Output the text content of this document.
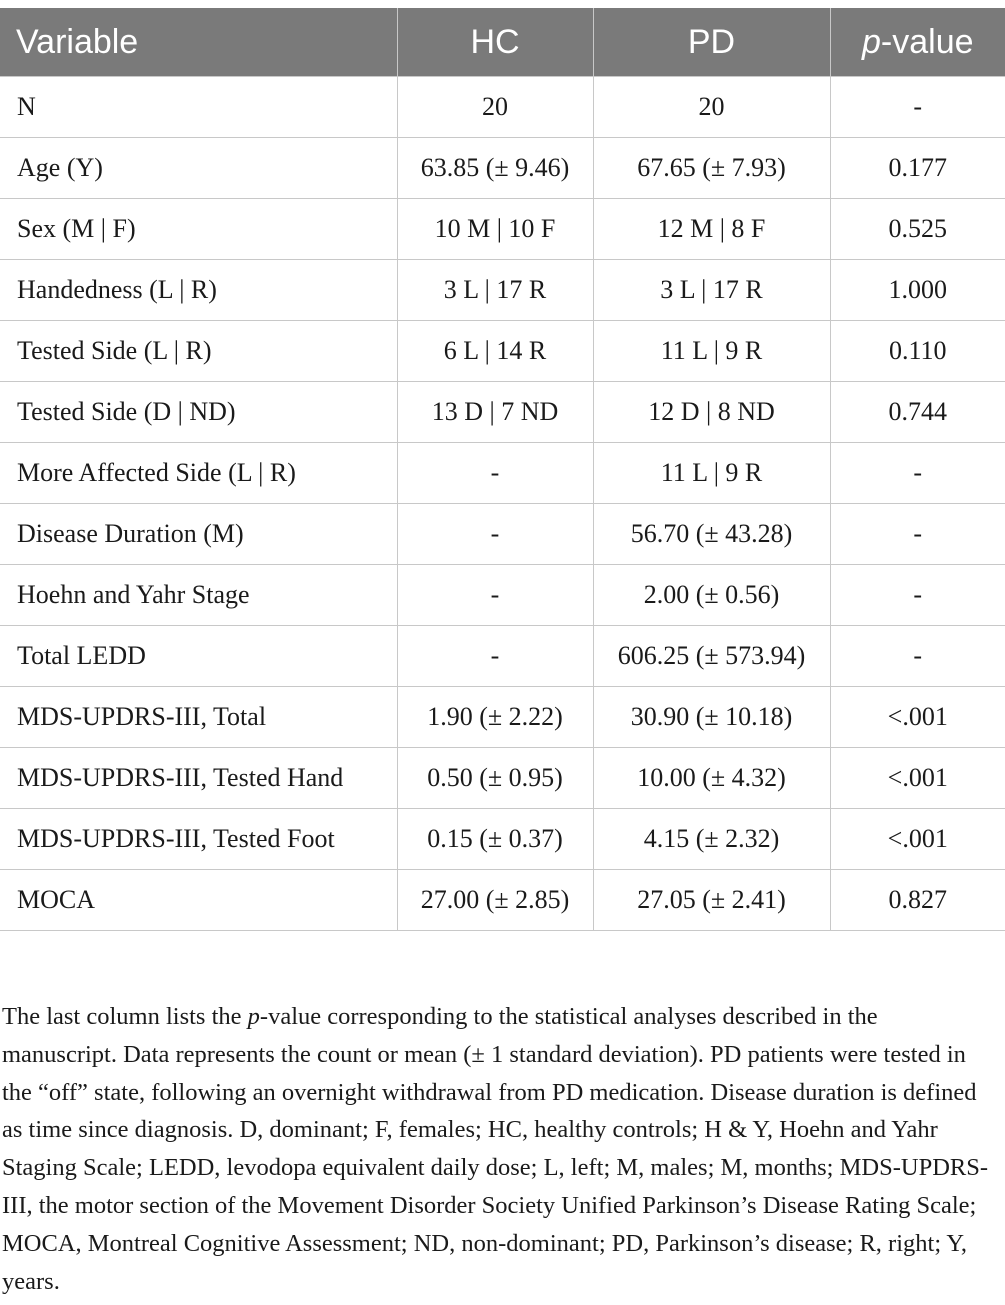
Variable	HC	PD	p-value
N	20	20	-
Age (Y)	63.85 (± 9.46)	67.65 (± 7.93)	0.177
Sex (M | F)	10 M | 10 F	12 M | 8 F	0.525
Handedness (L | R)	3 L | 17 R	3 L | 17 R	1.000
Tested Side (L | R)	6 L | 14 R	11 L | 9 R	0.110
Tested Side (D | ND)	13 D | 7 ND	12 D | 8 ND	0.744
More Affected Side (L | R)	-	11 L | 9 R	-
Disease Duration (M)	-	56.70 (± 43.28)	-
Hoehn and Yahr Stage	-	2.00 (± 0.56)	-
Total LEDD	-	606.25 (± 573.94)	-
MDS-UPDRS-III, Total	1.90 (± 2.22)	30.90 (± 10.18)	<.001
MDS-UPDRS-III, Tested Hand	0.50 (± 0.95)	10.00 (± 4.32)	<.001
MDS-UPDRS-III, Tested Foot	0.15 (± 0.37)	4.15 (± 2.32)	<.001
MOCA	27.00 (± 2.85)	27.05 (± 2.41)	0.827

The last column lists the p-value corresponding to the statistical analyses described in the manuscript. Data represents the count or mean (± 1 standard deviation). PD patients were tested in the “off” state, following an overnight withdrawal from PD medication. Disease duration is defined as time since diagnosis. D, dominant; F, females; HC, healthy controls; H & Y, Hoehn and Yahr Staging Scale; LEDD, levodopa equivalent daily dose; L, left; M, males; M, months; MDS-UPDRS-III, the motor section of the Movement Disorder Society Unified Parkinson’s Disease Rating Scale; MOCA, Montreal Cognitive Assessment; ND, non-dominant; PD, Parkinson’s disease; R, right; Y, years.
